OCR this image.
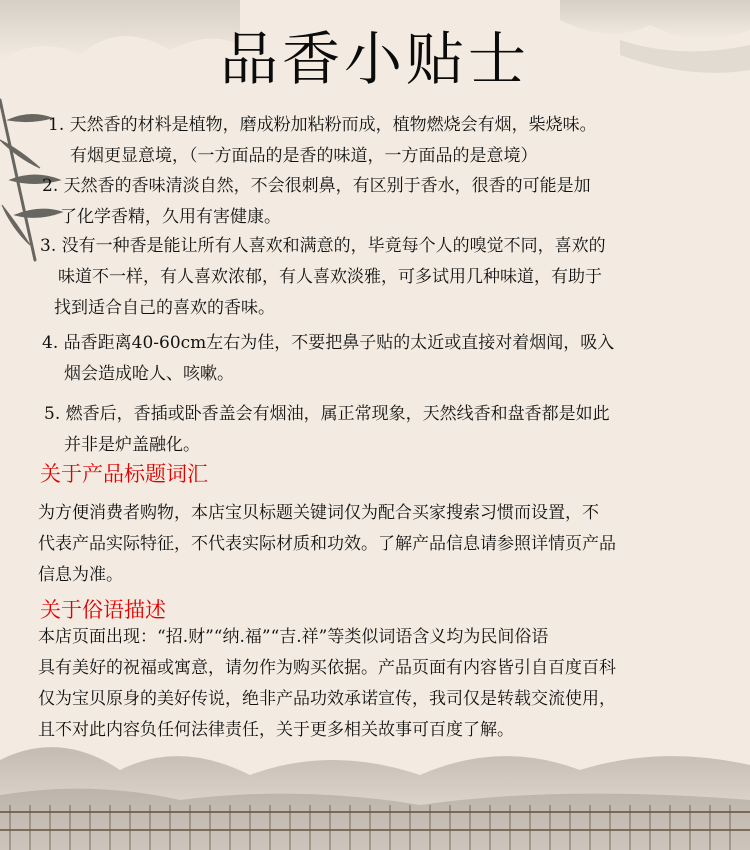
品香小贴士
1. 天然香的材料是植物，磨成粉加粘粉而成，植物燃烧会有烟，柴烧味。
有烟更显意境，（一方面品的是香的味道，一方面品的是意境）
2. 天然香的香味清淡自然，不会很刺鼻，有区别于香水，很香的可能是加
了化学香精，久用有害健康。
3. 没有一种香是能让所有人喜欢和满意的，毕竟每个人的嗅觉不同，喜欢的
味道不一样，有人喜欢浓郁，有人喜欢淡雅，可多试用几种味道，有助于
找到适合自己的喜欢的香味。
4. 品香距离40-60cm左右为佳，不要把鼻子贴的太近或直接对着烟闻，吸入
烟会造成呛人、咳嗽。
5. 燃香后，香插或卧香盖会有烟油，属正常现象，天然线香和盘香都是如此
并非是炉盖融化。
关于产品标题词汇
为方便消费者购物，本店宝贝标题关键词仅为配合买家搜索习惯而设置，不
代表产品实际特征，不代表实际材质和功效。了解产品信息请参照详情页产品
信息为准。
关于俗语描述
本店页面出现：“招.财”“纳.福”“吉.祥”等类似词语含义均为民间俗语
具有美好的祝福或寓意，请勿作为购买依据。产品页面有内容皆引自百度百科
仅为宝贝原身的美好传说，绝非产品功效承诺宣传，我司仅是转载交流使用，
且不对此内容负任何法律责任，关于更多相关故事可百度了解。
